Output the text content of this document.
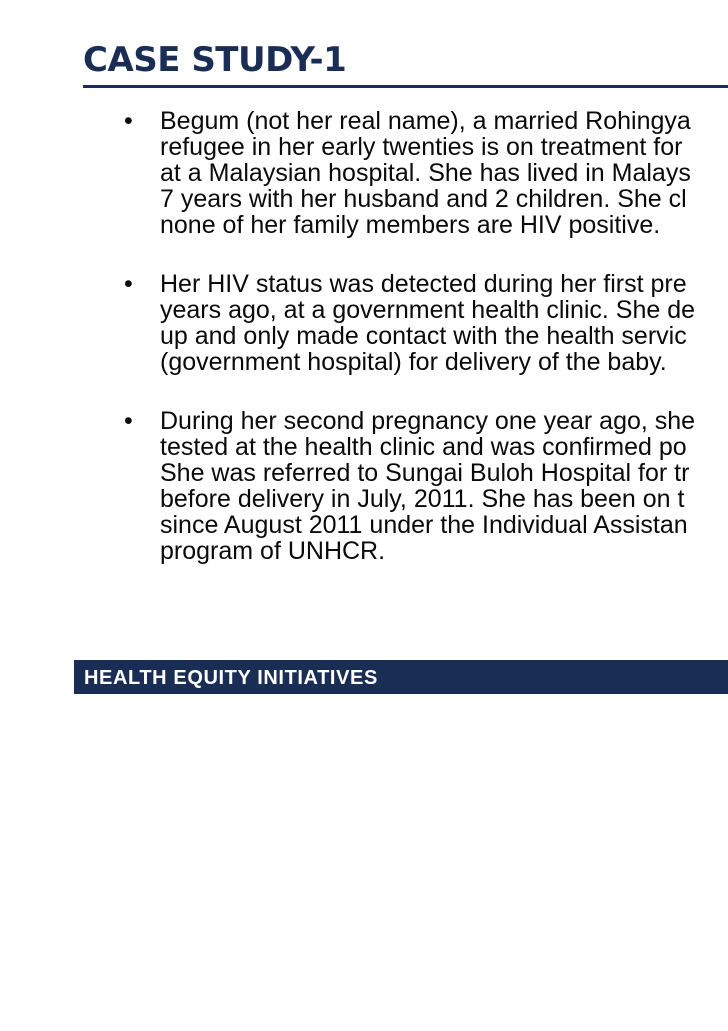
CASE STUDY-1
• Begum (not her real name), a married Rohingya
refugee in her early twenties is on treatment for
at a Malaysian hospital. She has lived in Malays
7 years with her husband and 2 children. She cl
none of her family members are HIV positive.
• Her HIV status was detected during her first pre
years ago, at a government health clinic. She de
up and only made contact with the health servic
(government hospital) for delivery of the baby.
• During her second pregnancy one year ago, she
tested at the health clinic and was confirmed po
She was referred to Sungai Buloh Hospital for tr
before delivery in July, 2011. She has been on t
since August 2011 under the Individual Assistan
program of UNHCR.
HEALTH EQUITY INITIATIVES
